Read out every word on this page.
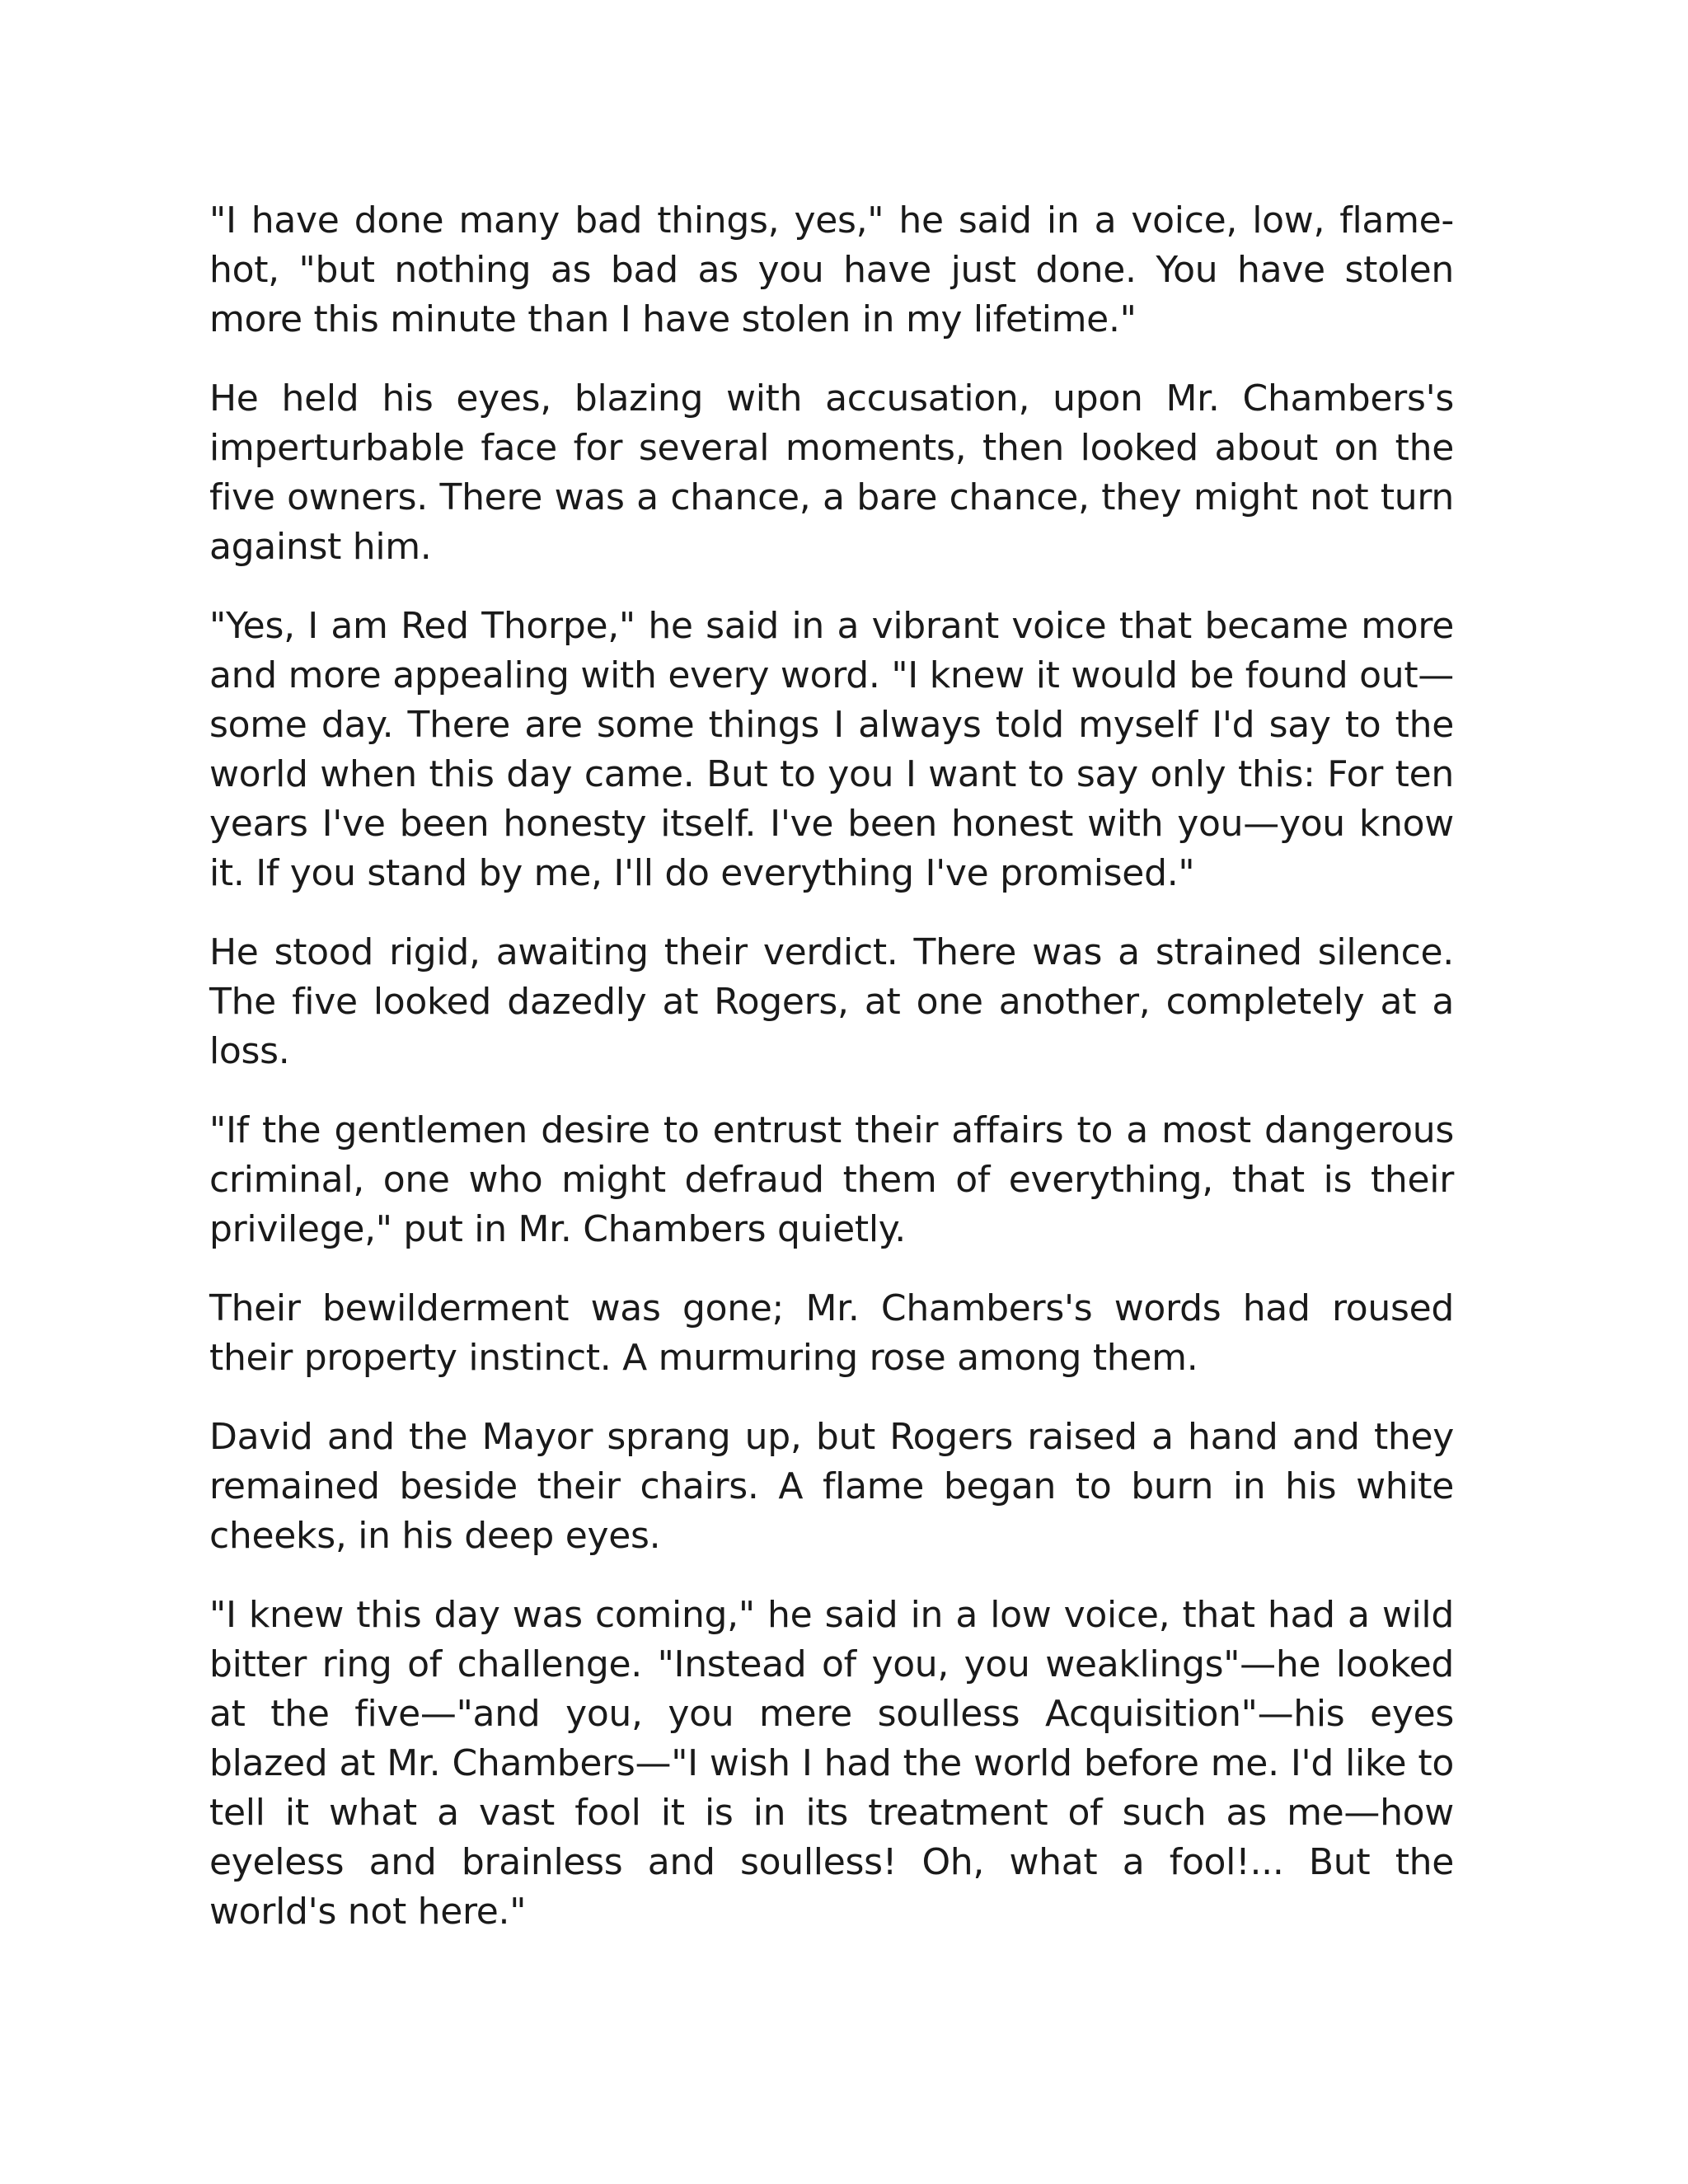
"I have done many bad things, yes," he said in a voice, low, flame-hot, "but nothing as bad as you have just done. You have stolen more this minute than I have stolen in my lifetime."

He held his eyes, blazing with accusation, upon Mr. Chambers's imperturbable face for several moments, then looked about on the five owners. There was a chance, a bare chance, they might not turn against him.

"Yes, I am Red Thorpe," he said in a vibrant voice that became more and more appealing with every word. "I knew it would be found out—some day. There are some things I always told myself I'd say to the world when this day came. But to you I want to say only this: For ten years I've been honesty itself. I've been honest with you—you know it. If you stand by me, I'll do everything I've promised."

He stood rigid, awaiting their verdict. There was a strained silence. The five looked dazedly at Rogers, at one another, completely at a loss.

"If the gentlemen desire to entrust their affairs to a most dangerous criminal, one who might defraud them of everything, that is their privilege," put in Mr. Chambers quietly.

Their bewilderment was gone; Mr. Chambers's words had roused their property instinct. A murmuring rose among them.

David and the Mayor sprang up, but Rogers raised a hand and they remained beside their chairs. A flame began to burn in his white cheeks, in his deep eyes.

"I knew this day was coming," he said in a low voice, that had a wild bitter ring of challenge. "Instead of you, you weaklings"—he looked at the five—"and you, you mere soulless Acquisition"—his eyes blazed at Mr. Chambers—"I wish I had the world before me. I'd like to tell it what a vast fool it is in its treatment of such as me—how eyeless and brainless and soulless! Oh, what a fool!... But the world's not here."
